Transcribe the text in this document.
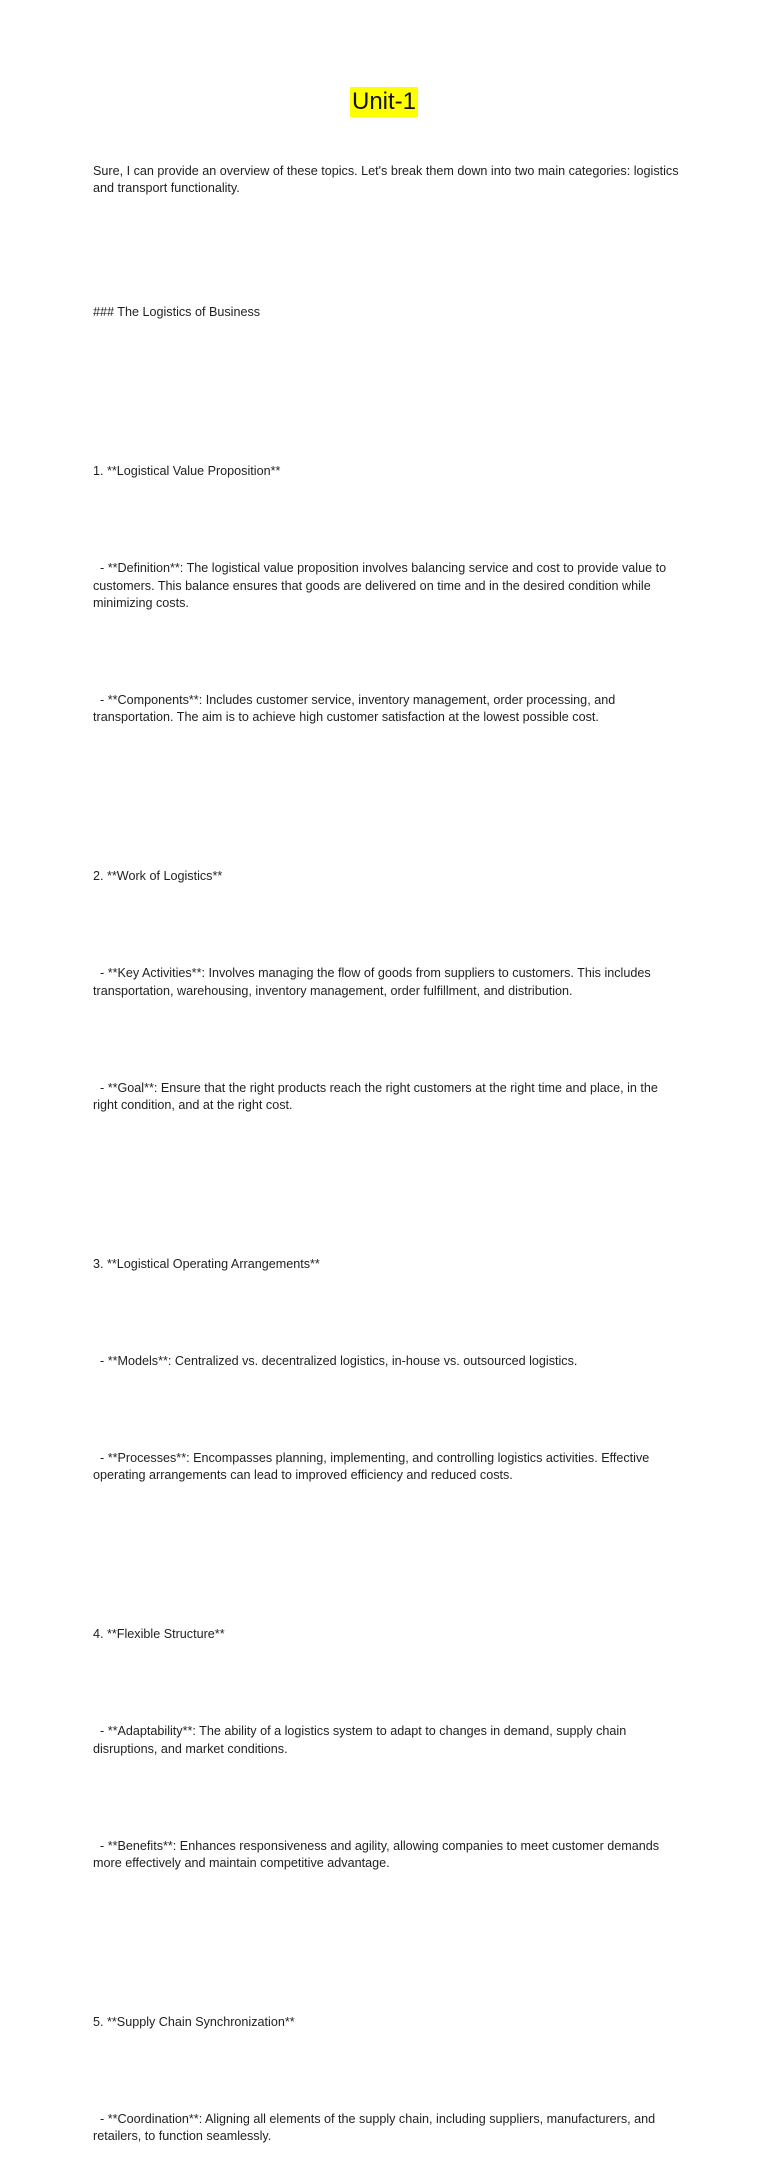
Unit-1

Sure, I can provide an overview of these topics. Let's break them down into two main categories: logistics and transport functionality.

### The Logistics of Business

1. **Logistical Value Proposition**

- **Definition**: The logistical value proposition involves balancing service and cost to provide value to customers. This balance ensures that goods are delivered on time and in the desired condition while minimizing costs.

- **Components**: Includes customer service, inventory management, order processing, and transportation. The aim is to achieve high customer satisfaction at the lowest possible cost.

2. **Work of Logistics**

- **Key Activities**: Involves managing the flow of goods from suppliers to customers. This includes transportation, warehousing, inventory management, order fulfillment, and distribution.

- **Goal**: Ensure that the right products reach the right customers at the right time and place, in the right condition, and at the right cost.

3. **Logistical Operating Arrangements**

- **Models**: Centralized vs. decentralized logistics, in-house vs. outsourced logistics.

- **Processes**: Encompasses planning, implementing, and controlling logistics activities. Effective operating arrangements can lead to improved efficiency and reduced costs.

4. **Flexible Structure**

- **Adaptability**: The ability of a logistics system to adapt to changes in demand, supply chain disruptions, and market conditions.

- **Benefits**: Enhances responsiveness and agility, allowing companies to meet customer demands more effectively and maintain competitive advantage.

5. **Supply Chain Synchronization**

- **Coordination**: Aligning all elements of the supply chain, including suppliers, manufacturers, and retailers, to function seamlessly.
